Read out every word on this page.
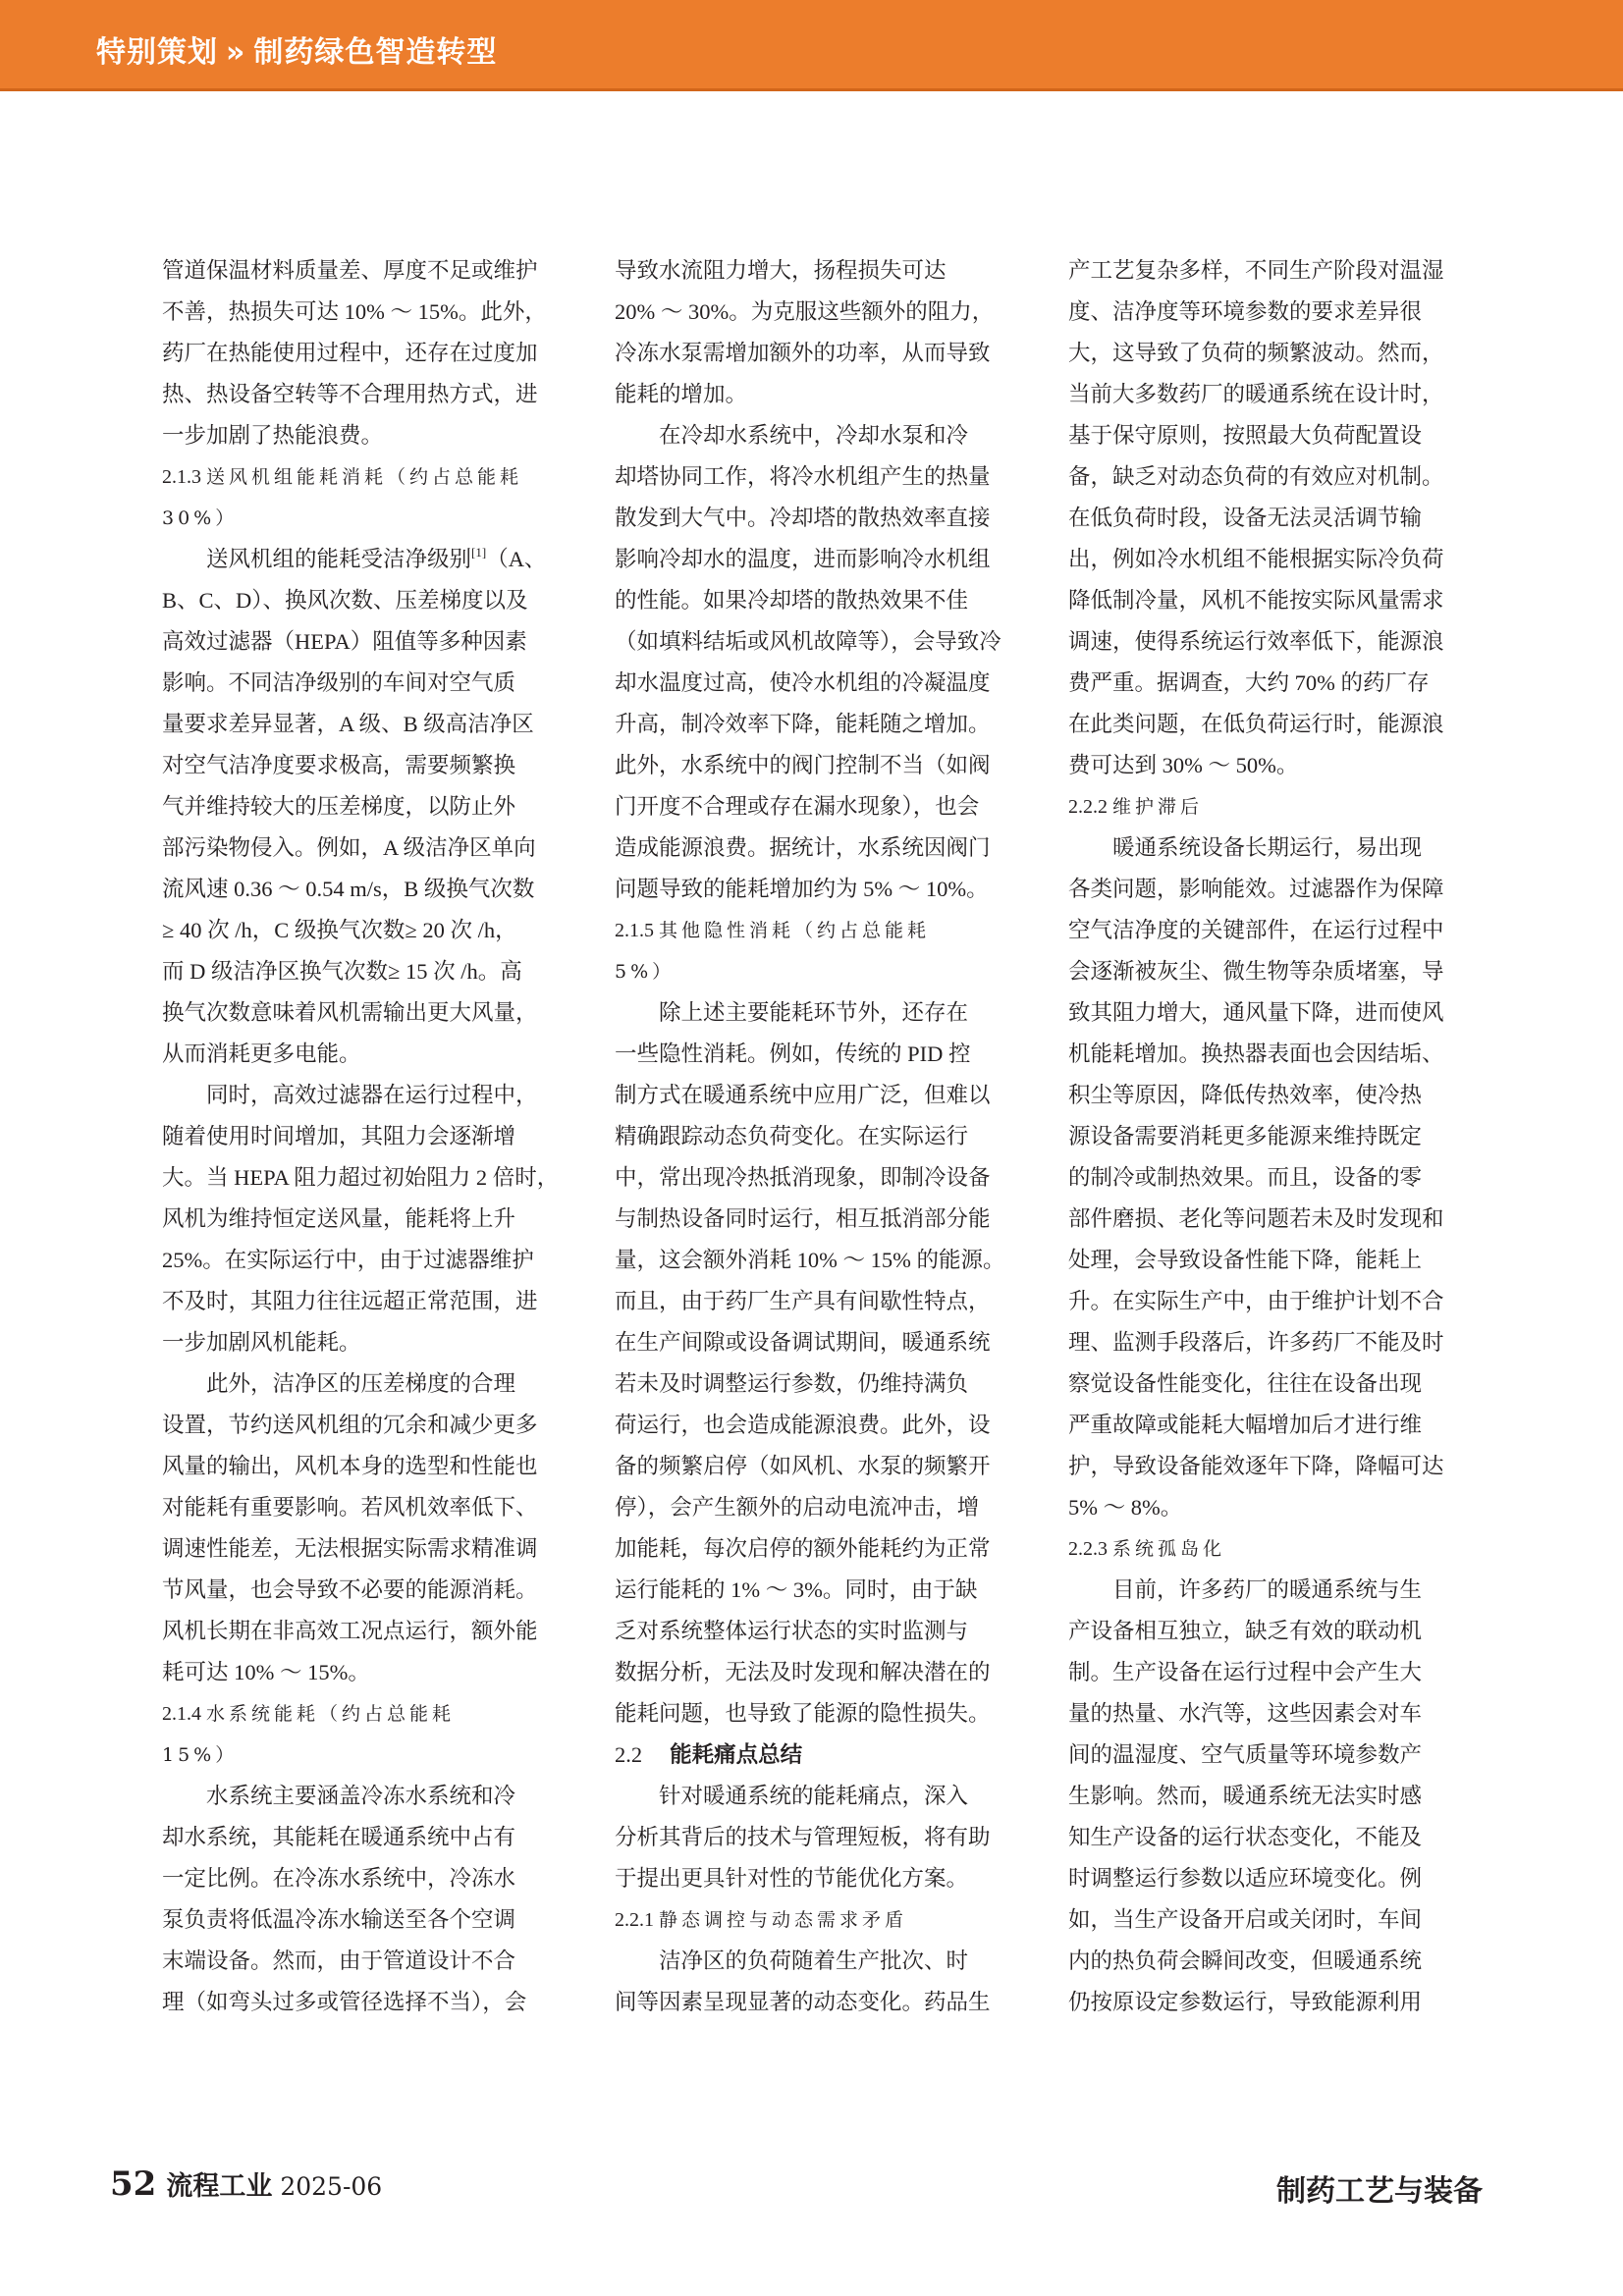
特别策划 » 制药绿色智造转型

管道保温材料质量差、厚度不足或维护
不善，热损失可达 10% ～ 15%。此外，
药厂在热能使用过程中，还存在过度加
热、热设备空转等不合理用热方式，进
一步加剧了热能浪费。

2.1.3 送风机组能耗消耗（约占总能耗
30%）

送风机组的能耗受洁净级别[1]（A、
B、C、D）、换风次数、压差梯度以及
高效过滤器（HEPA）阻值等多种因素
影响。不同洁净级别的车间对空气质
量要求差异显著，A 级、B 级高洁净区
对空气洁净度要求极高，需要频繁换
气并维持较大的压差梯度，以防止外
部污染物侵入。例如，A 级洁净区单向
流风速 0.36 ～ 0.54 m/s，B 级换气次数
≥ 40 次 /h，C 级换气次数≥ 20 次 /h，
而 D 级洁净区换气次数≥ 15 次 /h。高
换气次数意味着风机需输出更大风量，
从而消耗更多电能。

同时，高效过滤器在运行过程中，
随着使用时间增加，其阻力会逐渐增
大。当 HEPA 阻力超过初始阻力 2 倍时，
风机为维持恒定送风量，能耗将上升
25%。在实际运行中，由于过滤器维护
不及时，其阻力往往远超正常范围，进
一步加剧风机能耗。

此外，洁净区的压差梯度的合理
设置，节约送风机组的冗余和减少更多
风量的输出，风机本身的选型和性能也
对能耗有重要影响。若风机效率低下、
调速性能差，无法根据实际需求精准调
节风量，也会导致不必要的能源消耗。
风机长期在非高效工况点运行，额外能
耗可达 10% ～ 15%。

2.1.4 水系统能耗（约占总能耗
15%）

水系统主要涵盖冷冻水系统和冷
却水系统，其能耗在暖通系统中占有
一定比例。在冷冻水系统中，冷冻水
泵负责将低温冷冻水输送至各个空调
末端设备。然而，由于管道设计不合
理（如弯头过多或管径选择不当），会

导致水流阻力增大，扬程损失可达
20% ～ 30%。为克服这些额外的阻力，
冷冻水泵需增加额外的功率，从而导致
能耗的增加。

在冷却水系统中，冷却水泵和冷
却塔协同工作，将冷水机组产生的热量
散发到大气中。冷却塔的散热效率直接
影响冷却水的温度，进而影响冷水机组
的性能。如果冷却塔的散热效果不佳
（如填料结垢或风机故障等），会导致冷
却水温度过高，使冷水机组的冷凝温度
升高，制冷效率下降，能耗随之增加。
此外，水系统中的阀门控制不当（如阀
门开度不合理或存在漏水现象），也会
造成能源浪费。据统计，水系统因阀门
问题导致的能耗增加约为 5% ～ 10%。

2.1.5 其他隐性消耗（约占总能耗
5%）

除上述主要能耗环节外，还存在
一些隐性消耗。例如，传统的 PID 控
制方式在暖通系统中应用广泛，但难以
精确跟踪动态负荷变化。在实际运行
中，常出现冷热抵消现象，即制冷设备
与制热设备同时运行，相互抵消部分能
量，这会额外消耗 10% ～ 15% 的能源。
而且，由于药厂生产具有间歇性特点，
在生产间隙或设备调试期间，暖通系统
若未及时调整运行参数，仍维持满负
荷运行，也会造成能源浪费。此外，设
备的频繁启停（如风机、水泵的频繁开
停），会产生额外的启动电流冲击，增
加能耗，每次启停的额外能耗约为正常
运行能耗的 1% ～ 3%。同时，由于缺
乏对系统整体运行状态的实时监测与
数据分析，无法及时发现和解决潜在的
能耗问题，也导致了能源的隐性损失。

2.2 能耗痛点总结

针对暖通系统的能耗痛点，深入
分析其背后的技术与管理短板，将有助
于提出更具针对性的节能优化方案。

2.2.1 静态调控与动态需求矛盾

洁净区的负荷随着生产批次、时
间等因素呈现显著的动态变化。药品生

产工艺复杂多样，不同生产阶段对温湿
度、洁净度等环境参数的要求差异很
大，这导致了负荷的频繁波动。然而，
当前大多数药厂的暖通系统在设计时，
基于保守原则，按照最大负荷配置设
备，缺乏对动态负荷的有效应对机制。
在低负荷时段，设备无法灵活调节输
出，例如冷水机组不能根据实际冷负荷
降低制冷量，风机不能按实际风量需求
调速，使得系统运行效率低下，能源浪
费严重。据调查，大约 70% 的药厂存
在此类问题，在低负荷运行时，能源浪
费可达到 30% ～ 50%。

2.2.2 维护滞后

暖通系统设备长期运行，易出现
各类问题，影响能效。过滤器作为保障
空气洁净度的关键部件，在运行过程中
会逐渐被灰尘、微生物等杂质堵塞，导
致其阻力增大，通风量下降，进而使风
机能耗增加。换热器表面也会因结垢、
积尘等原因，降低传热效率，使冷热
源设备需要消耗更多能源来维持既定
的制冷或制热效果。而且，设备的零
部件磨损、老化等问题若未及时发现和
处理，会导致设备性能下降，能耗上
升。在实际生产中，由于维护计划不合
理、监测手段落后，许多药厂不能及时
察觉设备性能变化，往往在设备出现
严重故障或能耗大幅增加后才进行维
护，导致设备能效逐年下降，降幅可达
5% ～ 8%。

2.2.3 系统孤岛化

目前，许多药厂的暖通系统与生
产设备相互独立，缺乏有效的联动机
制。生产设备在运行过程中会产生大
量的热量、水汽等，这些因素会对车
间的温湿度、空气质量等环境参数产
生影响。然而，暖通系统无法实时感
知生产设备的运行状态变化，不能及
时调整运行参数以适应环境变化。例
如，当生产设备开启或关闭时，车间
内的热负荷会瞬间改变，但暖通系统
仍按原设定参数运行，导致能源利用

52 流程工业 2025-06	制药工艺与装备
